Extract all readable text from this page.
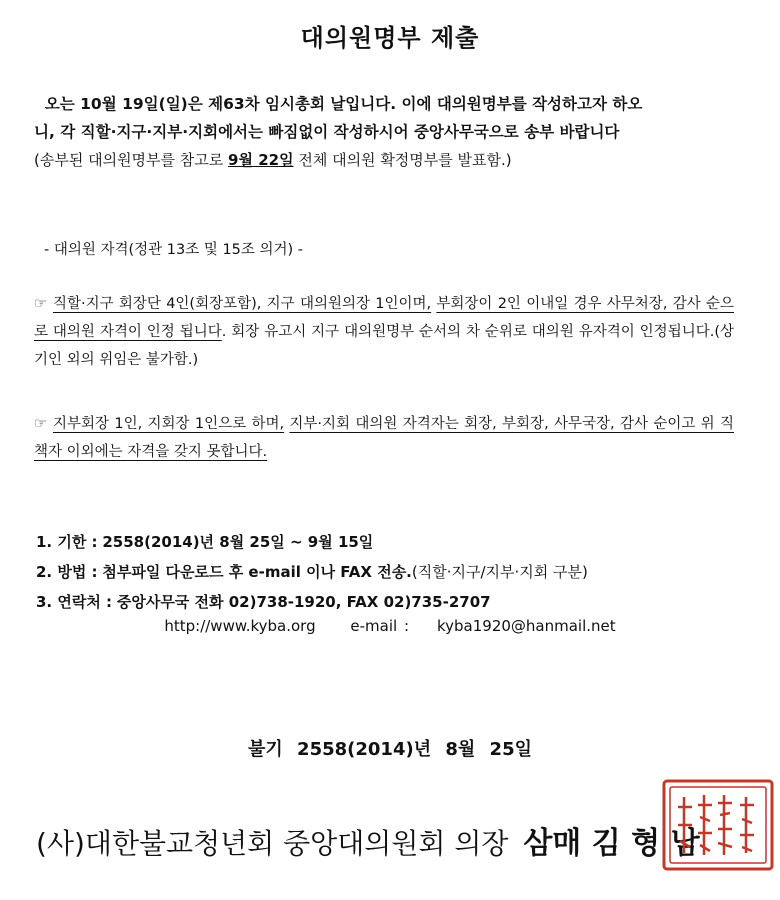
대의원명부 제출

오는 10월 19일(일)은 제63차 임시총회 날입니다. 이에 대의원명부를 작성하고자 하오

니, 각 직할·지구·지부·지회에서는 빠짐없이 작성하시어 중앙사무국으로 송부 바랍니다

(송부된 대의원명부를 참고로 9월 22일 전체 대의원 확정명부를 발표함.)

- 대의원 자격(정관 13조 및 15조 의거) -
☞ 직할·지구 회장단 4인(회장포함), 지구 대의원의장 1인이며, 부회장이 2인 이내일 경우 사무처장, 감사 순으로 대의원 자격이 인정 됩니다. 회장 유고시 지구 대의원명부 순서의 차 순위로 대의원 유자격이 인정됩니다.(상기인 외의 위임은 불가함.)
☞ 지부회장 1인, 지회장 1인으로 하며, 지부·지회 대의원 자격자는 회장, 부회장, 사무국장, 감사 순이고 위 직책자 이외에는 자격을 갖지 못합니다.
1. 기한 : 2558(2014)년 8월 25일 ~ 9월 15일
2. 방법 : 첨부파일 다운로드 후 e-mail 이나 FAX 전송.(직할·지구/지부·지회 구분)
3. 연락처 : 중앙사무국 전화 02)738-1920, FAX 02)735-2707
http://www.kyba.org e-mail : kyba1920@hanmail.net
불기 2558(2014)년 8월 25일
(사)대한불교청년회 중앙대의원회 의장 삼매 김 형 남
